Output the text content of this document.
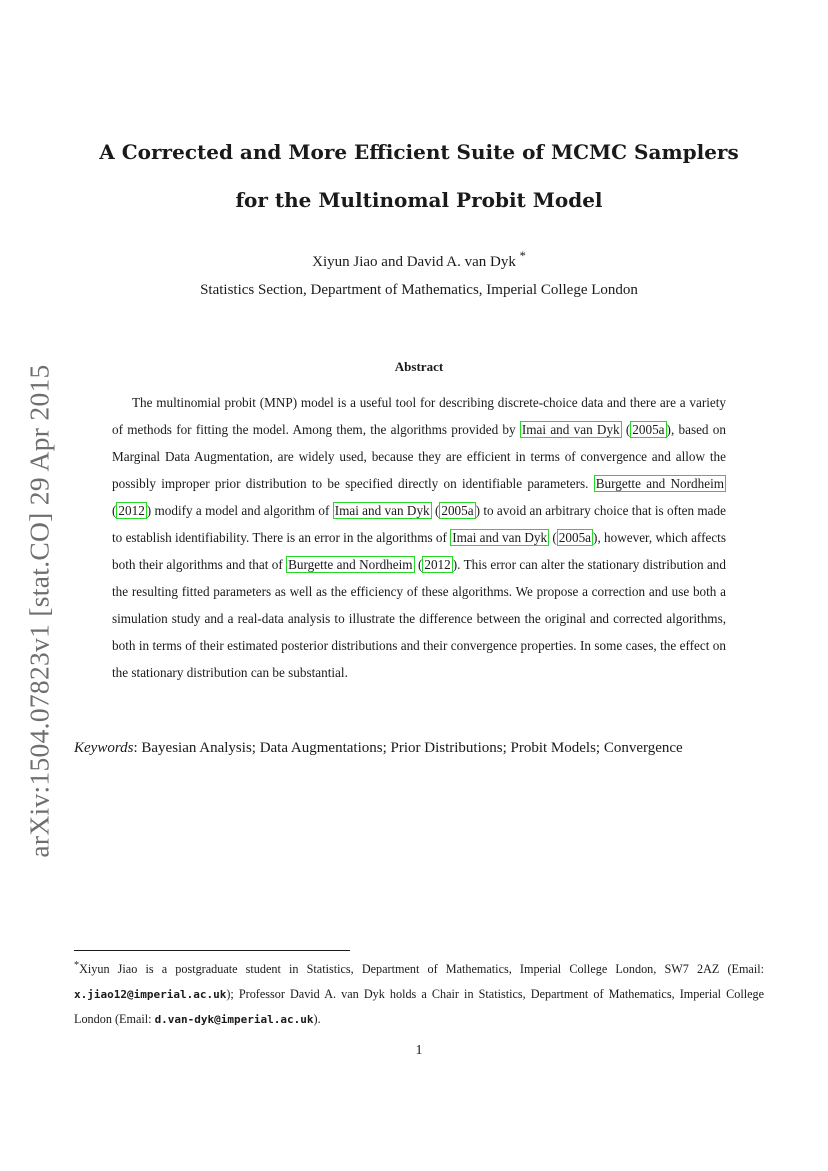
arXiv:1504.07823v1 [stat.CO] 29 Apr 2015
A Corrected and More Efficient Suite of MCMC Samplers
for the Multinomal Probit Model
Xiyun Jiao and David A. van Dyk *
Statistics Section, Department of Mathematics, Imperial College London
Abstract

The multinomial probit (MNP) model is a useful tool for describing discrete-choice data and there are a variety of methods for fitting the model. Among them, the algorithms provided by Imai and van Dyk ( 2005a ), based on Marginal Data Augmentation, are widely used, because they are efficient in terms of convergence and allow the possibly improper prior distribution to be specified directly on identifiable parameters. Burgette and Nordheim ( 2012 ) modify a model and algorithm of Imai and van Dyk ( 2005a ) to avoid an arbitrary choice that is often made to establish identifiability. There is an error in the algorithms of Imai and van Dyk ( 2005a ), however, which affects both their algorithms and that of Burgette and Nordheim ( 2012 ). This error can alter the stationary distribution and the resulting fitted parameters as well as the efficiency of these algorithms. We propose a correction and use both a simulation study and a real-data analysis to illustrate the difference between the original and corrected algorithms, both in terms of their estimated posterior distributions and their convergence properties. In some cases, the effect on the stationary distribution can be substantial.

Keywords: Bayesian Analysis; Data Augmentations; Prior Distributions; Probit Models; Convergence

*Xiyun Jiao is a postgraduate student in Statistics, Department of Mathematics, Imperial College London, SW7 2AZ (Email: x.jiao12@imperial.ac.uk); Professor David A. van Dyk holds a Chair in Statistics, Department of Mathematics, Imperial College London (Email: d.van-dyk@imperial.ac.uk).

1
